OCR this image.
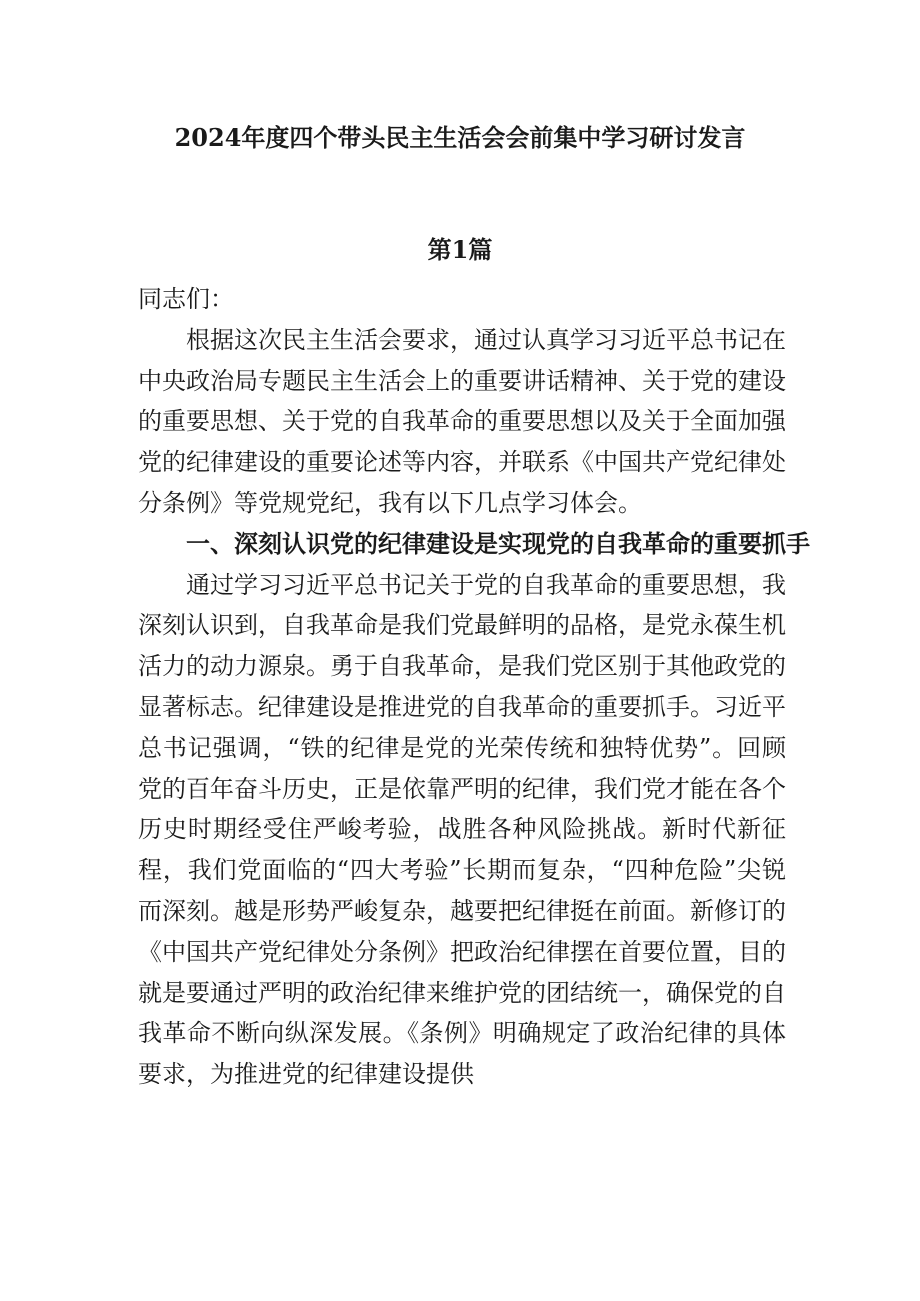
2024年度四个带头民主生活会会前集中学习研讨发言
第1篇

同志们：

根据这次民主生活会要求，通过认真学习习近平总书记在中央政治局专题民主生活会上的重要讲话精神、关于党的建设的重要思想、关于党的自我革命的重要思想以及关于全面加强党的纪律建设的重要论述等内容，并联系《中国共产党纪律处分条例》等党规党纪，我有以下几点学习体会。

一、深刻认识党的纪律建设是实现党的自我革命的重要抓手

通过学习习近平总书记关于党的自我革命的重要思想，我深刻认识到，自我革命是我们党最鲜明的品格，是党永葆生机活力的动力源泉。勇于自我革命，是我们党区别于其他政党的显著标志。纪律建设是推进党的自我革命的重要抓手。习近平总书记强调，“铁的纪律是党的光荣传统和独特优势”。回顾党的百年奋斗历史，正是依靠严明的纪律，我们党才能在各个历史时期经受住严峻考验，战胜各种风险挑战。新时代新征程，我们党面临的“四大考验”长期而复杂，“四种危险”尖锐而深刻。越是形势严峻复杂，越要把纪律挺在前面。新修订的《中国共产党纪律处分条例》把政治纪律摆在首要位置，目的就是要通过严明的政治纪律来维护党的团结统一，确保党的自我革命不断向纵深发展。《条例》明确规定了政治纪律的具体要求，为推进党的纪律建设提供
